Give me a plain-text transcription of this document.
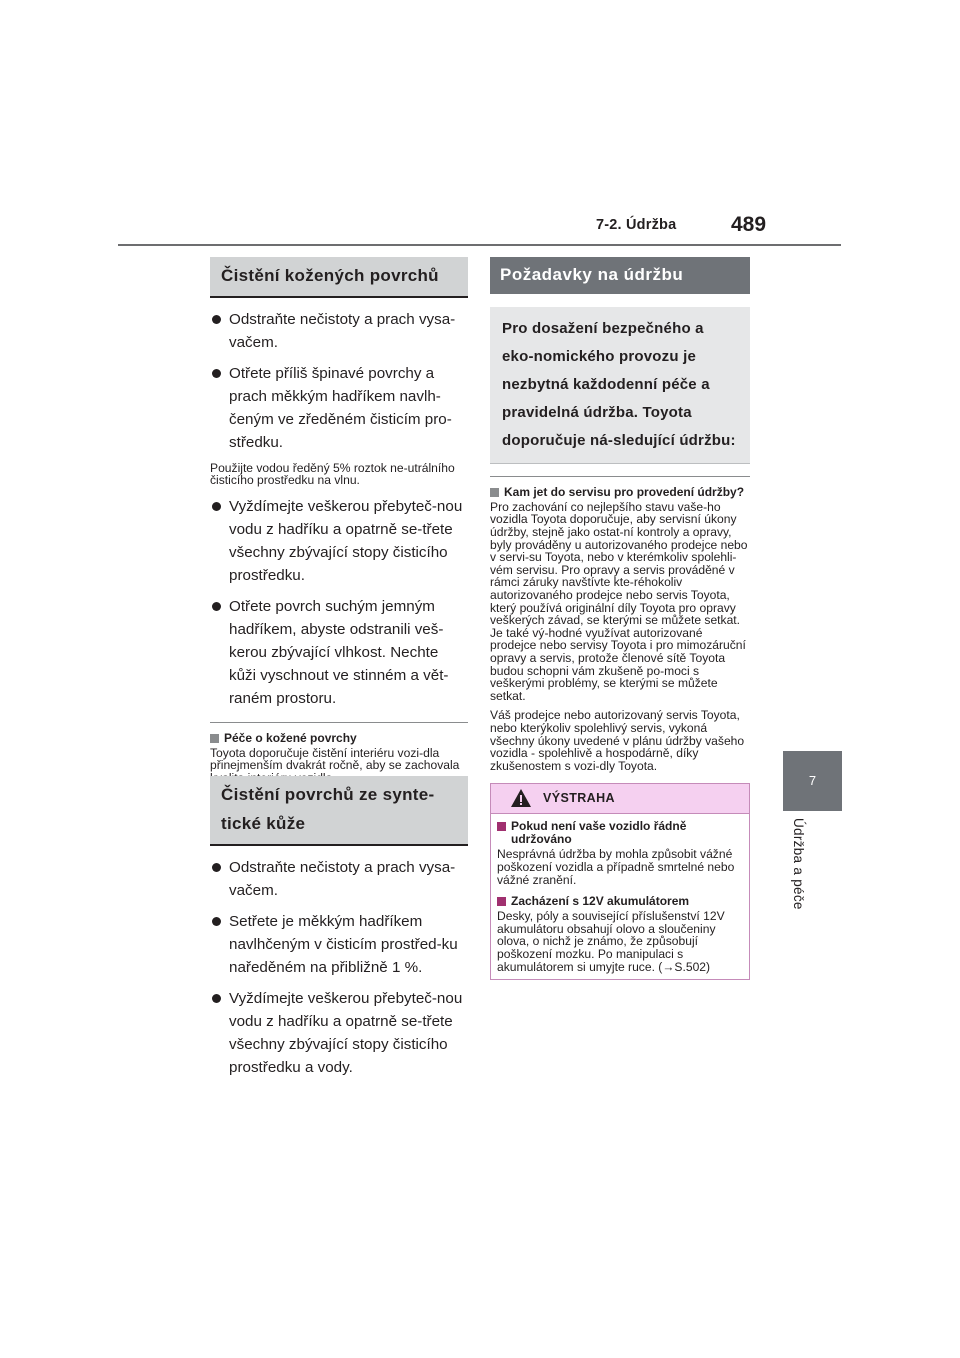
7-2. Údržba	489
7
Údržba a péče
Čistění kožených povrchů
Odstraňte nečistoty a prach vysa-vačem.
Otřete příliš špinavé povrchy a prach měkkým hadříkem navlh-čeným ve zředěném čisticím pro-středku.

Použijte vodou ředěný 5% roztok ne-utrálního čisticího prostředku na vlnu.

Vyždímejte veškerou přebyteč-nou vodu z hadříku a opatrně se-třete všechny zbývající stopy čisticího prostředku.
Otřete povrch suchým jemným hadříkem, abyste odstranili veš-kerou zbývající vlhkost. Nechte kůži vyschnout ve stinném a vět-raném prostoru.
Péče o kožené povrchy

Toyota doporučuje čistění interiéru vozi-dla přinejmenším dvakrát ročně, aby se zachovala

Čistění povrchů ze synte-tické kůže
Odstraňte nečistoty a prach vysa-vačem.
Setřete je měkkým hadříkem navlhčeným v čisticím prostřed-ku naředěném na přibližně 1 %.
Vyždímejte veškerou přebyteč-nou vodu z hadříku a opatrně se-třete všechny zbývající stopy čisticího prostředku a vody.
Požadavky na údržbu
Pro dosažení bezpečného a eko-nomického provozu je nezbytná každodenní péče a pravidelná údržba. Toyota doporučuje ná-sledující údržbu:
Kam jet do servisu pro provedení údržby?

Pro zachování co nejlepšího stavu vaše-ho vozidla Toyota doporučuje, aby servisní úkony údržby, stejně jako ostat-ní kontroly a opravy, byly prováděny u autorizovaného prodejce nebo v servi-su Toyota, nebo v kterémkoliv spolehli-vém servisu. Pro opravy a servis prováděné v rámci záruky navštívte kte-réhokoliv autorizovaného prodejce nebo servis Toyota, který používá originální díly Toyota pro opravy veškerých závad, se kterými se můžete setkat. Je také vý-hodné využívat autorizované prodejce nebo servisy Toyota i pro mimozáruční opravy a servis, protože členové sítě Toyota budou schopni vám zkušeně po-moci s veškerými problémy, se kterými se můžete setkat.

Váš prodejce nebo autorizovaný servis Toyota, nebo kterýkoliv spolehlivý servis, vykoná všechny úkony uvedené v plánu údržby vašeho vozidla - spolehlivě a hospodárně, díky zkušenostem s vozi-dly Toyota.

VÝSTRAHA
Pokud není vaše vozidlo řádně udržováno

Nesprávná údržba by mohla způsobit vážné poškození vozidla a případně smrtelné nebo vážné zranění.

Zacházení s 12V akumulátorem

Desky, póly a související příslušenství 12V akumulátoru obsahují olovo a sloučeniny olova, o nichž je známo, že způsobují poškození mozku. Po manipulaci s akumulátorem si umyjte ruce. (→S.502)
